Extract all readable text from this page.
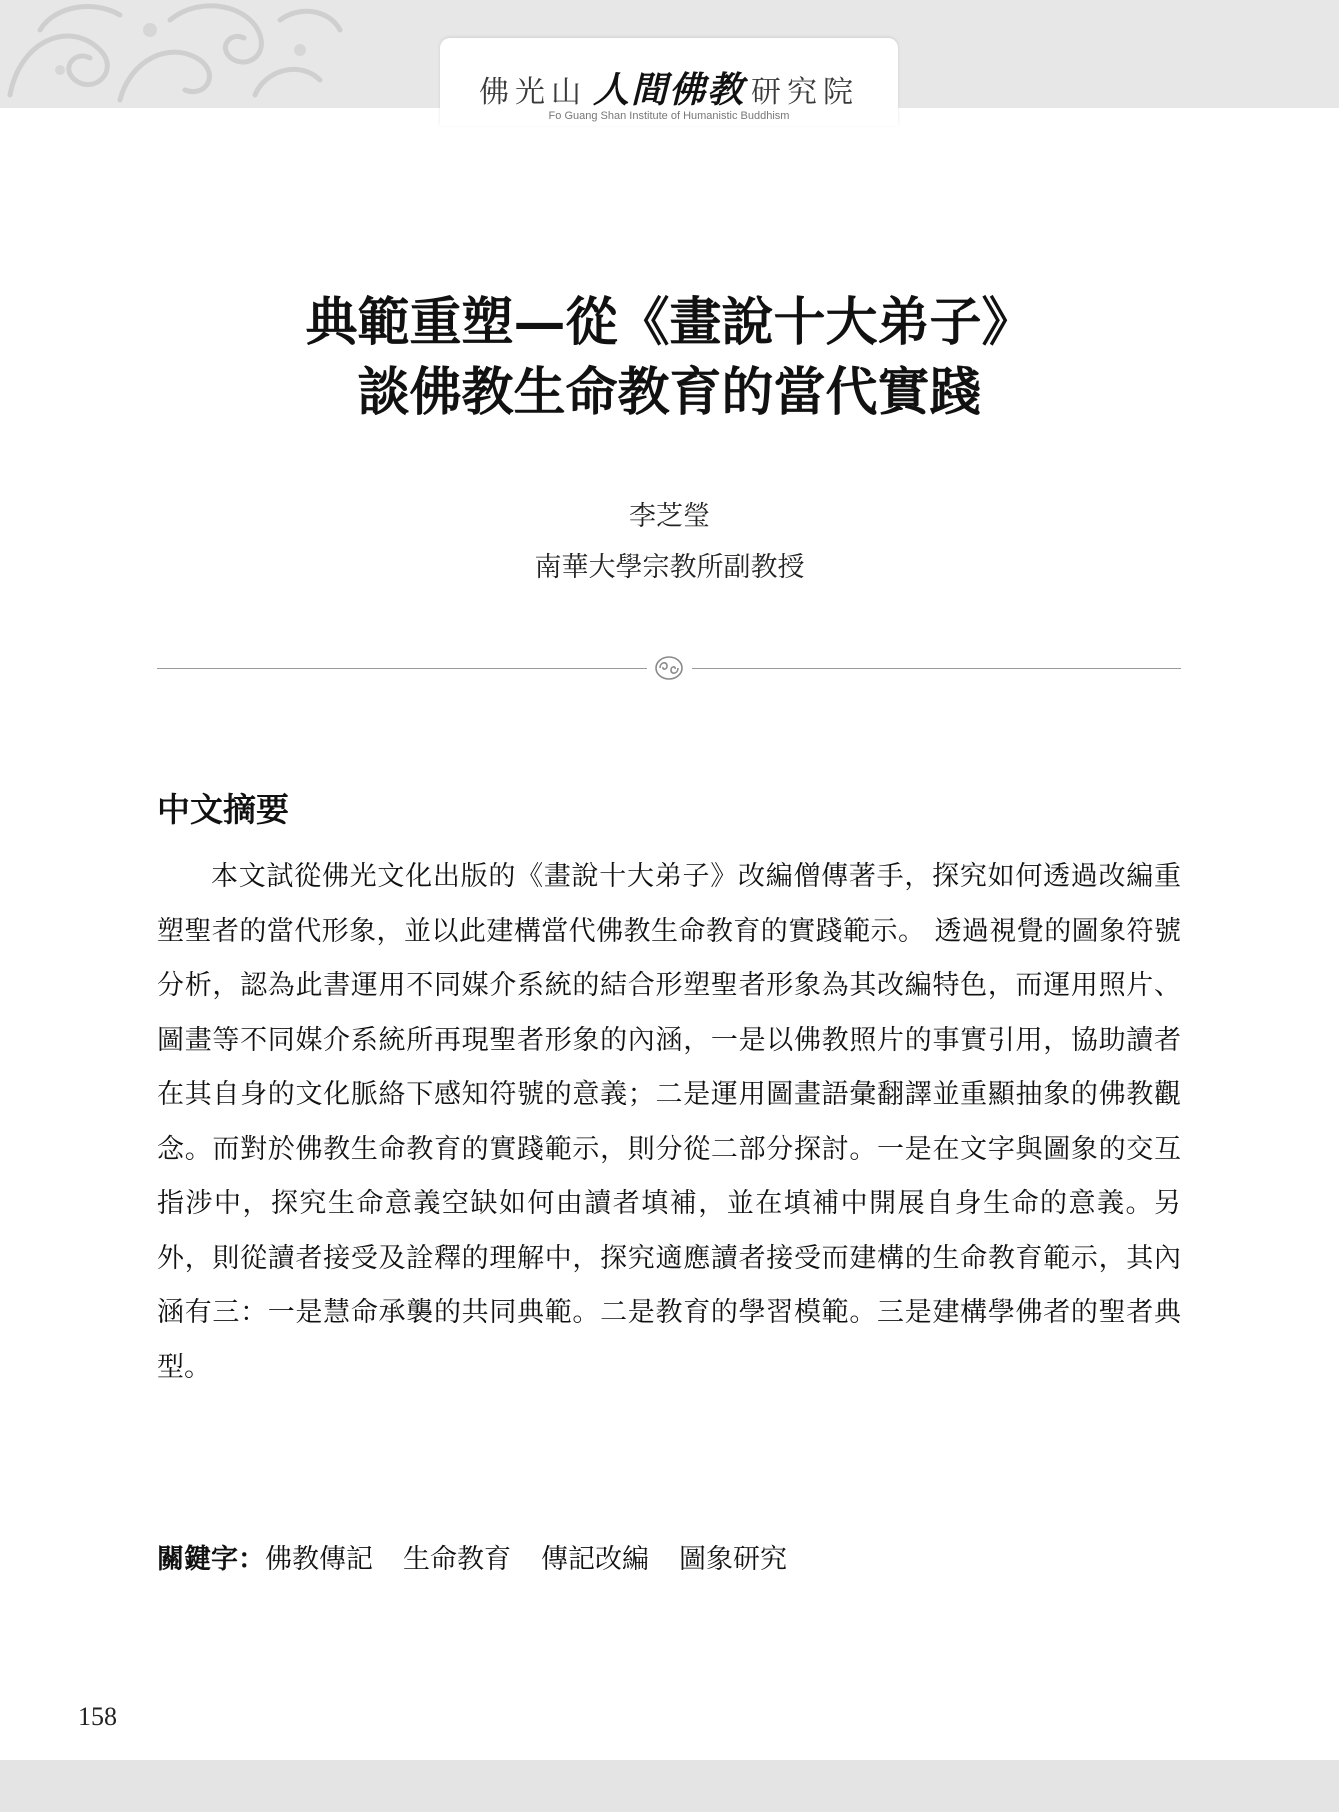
佛光山 人間佛教 研究院
Fo Guang Shan Institute of Humanistic Buddhism
典範重塑—從《畫說十大弟子》
談佛教生命教育的當代實踐
李芝瑩
南華大學宗教所副教授
中文摘要

本文試從佛光文化出版的《畫說十大弟子》改編僧傳著手，探究如何透過改編重塑聖者的當代形象，並以此建構當代佛教生命教育的實踐範示。 透過視覺的圖象符號分析，認為此書運用不同媒介系統的結合形塑聖者形象為其改編特色，而運用照片、圖畫等不同媒介系統所再現聖者形象的內涵，一是以佛教照片的事實引用，協助讀者在其自身的文化脈絡下感知符號的意義；二是運用圖畫語彙翻譯並重顯抽象的佛教觀念。而對於佛教生命教育的實踐範示，則分從二部分探討。一是在文字與圖象的交互指涉中，探究生命意義空缺如何由讀者填補，並在填補中開展自身生命的意義。另外，則從讀者接受及詮釋的理解中，探究適應讀者接受而建構的生命教育範示，其內涵有三：一是慧命承襲的共同典範。二是教育的學習模範。三是建構學佛者的聖者典型。

關鍵字：佛教傳記 生命教育 傳記改編 圖象研究
158
